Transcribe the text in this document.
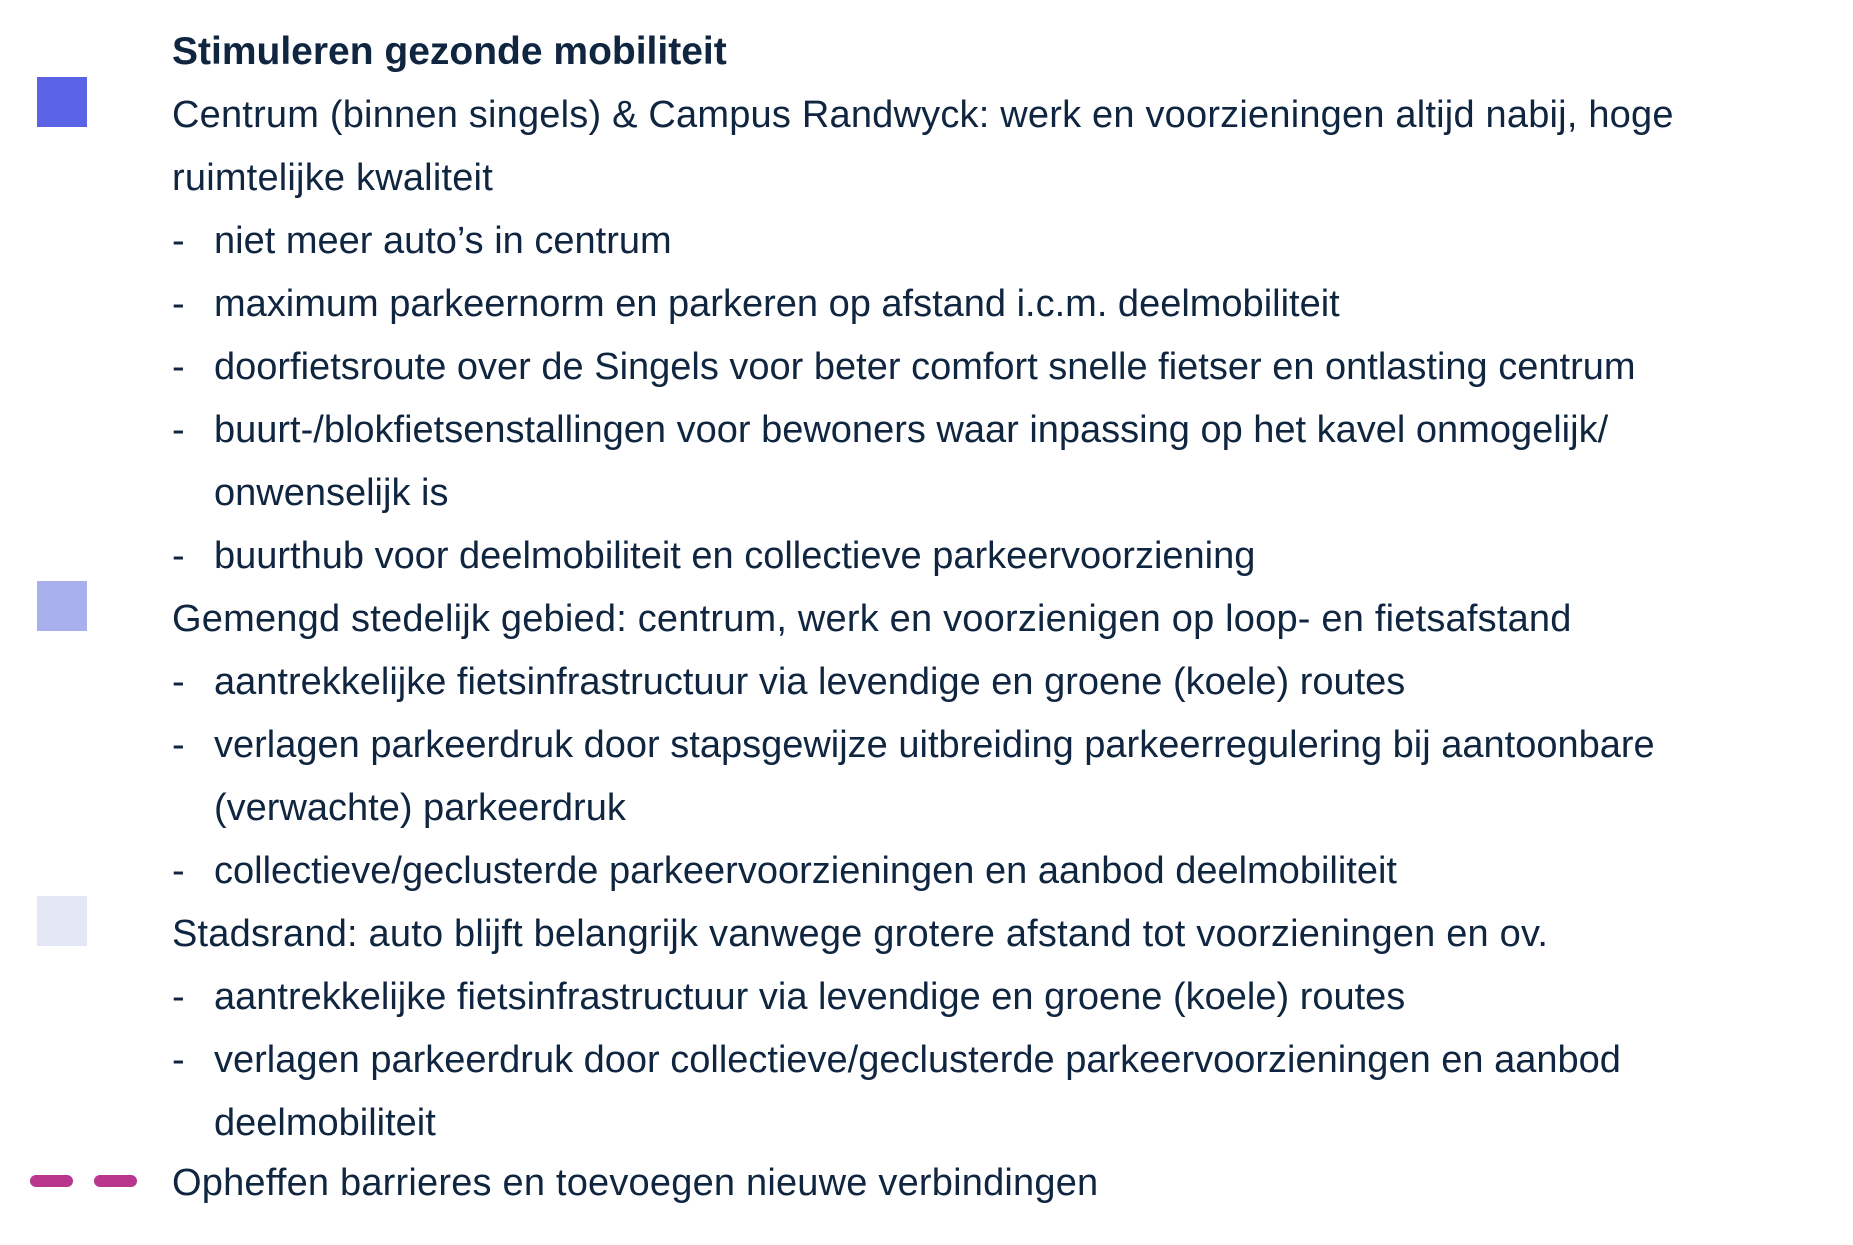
Stimuleren gezonde mobiliteit
Centrum (binnen singels) & Campus Randwyck: werk en voorzieningen altijd nabij, hoge
ruimtelijke kwaliteit
- niet meer auto’s in centrum
- maximum parkeernorm en parkeren op afstand i.c.m. deelmobiliteit
- doorfietsroute over de Singels voor beter comfort snelle fietser en ontlasting centrum
- buurt-/blokfietsenstallingen voor bewoners waar inpassing op het kavel onmogelijk/
onwenselijk is
- buurthub voor deelmobiliteit en collectieve parkeervoorziening
Gemengd stedelijk gebied: centrum, werk en voorzienigen op loop- en fietsafstand
- aantrekkelijke fietsinfrastructuur via levendige en groene (koele) routes
- verlagen parkeerdruk door stapsgewijze uitbreiding parkeerregulering bij aantoonbare
(verwachte) parkeerdruk
- collectieve/geclusterde parkeervoorzieningen en aanbod deelmobiliteit
Stadsrand: auto blijft belangrijk vanwege grotere afstand tot voorzieningen en ov.
- aantrekkelijke fietsinfrastructuur via levendige en groene (koele) routes
- verlagen parkeerdruk door collectieve/geclusterde parkeervoorzieningen en aanbod
deelmobiliteit
Opheffen barrieres en toevoegen nieuwe verbindingen
